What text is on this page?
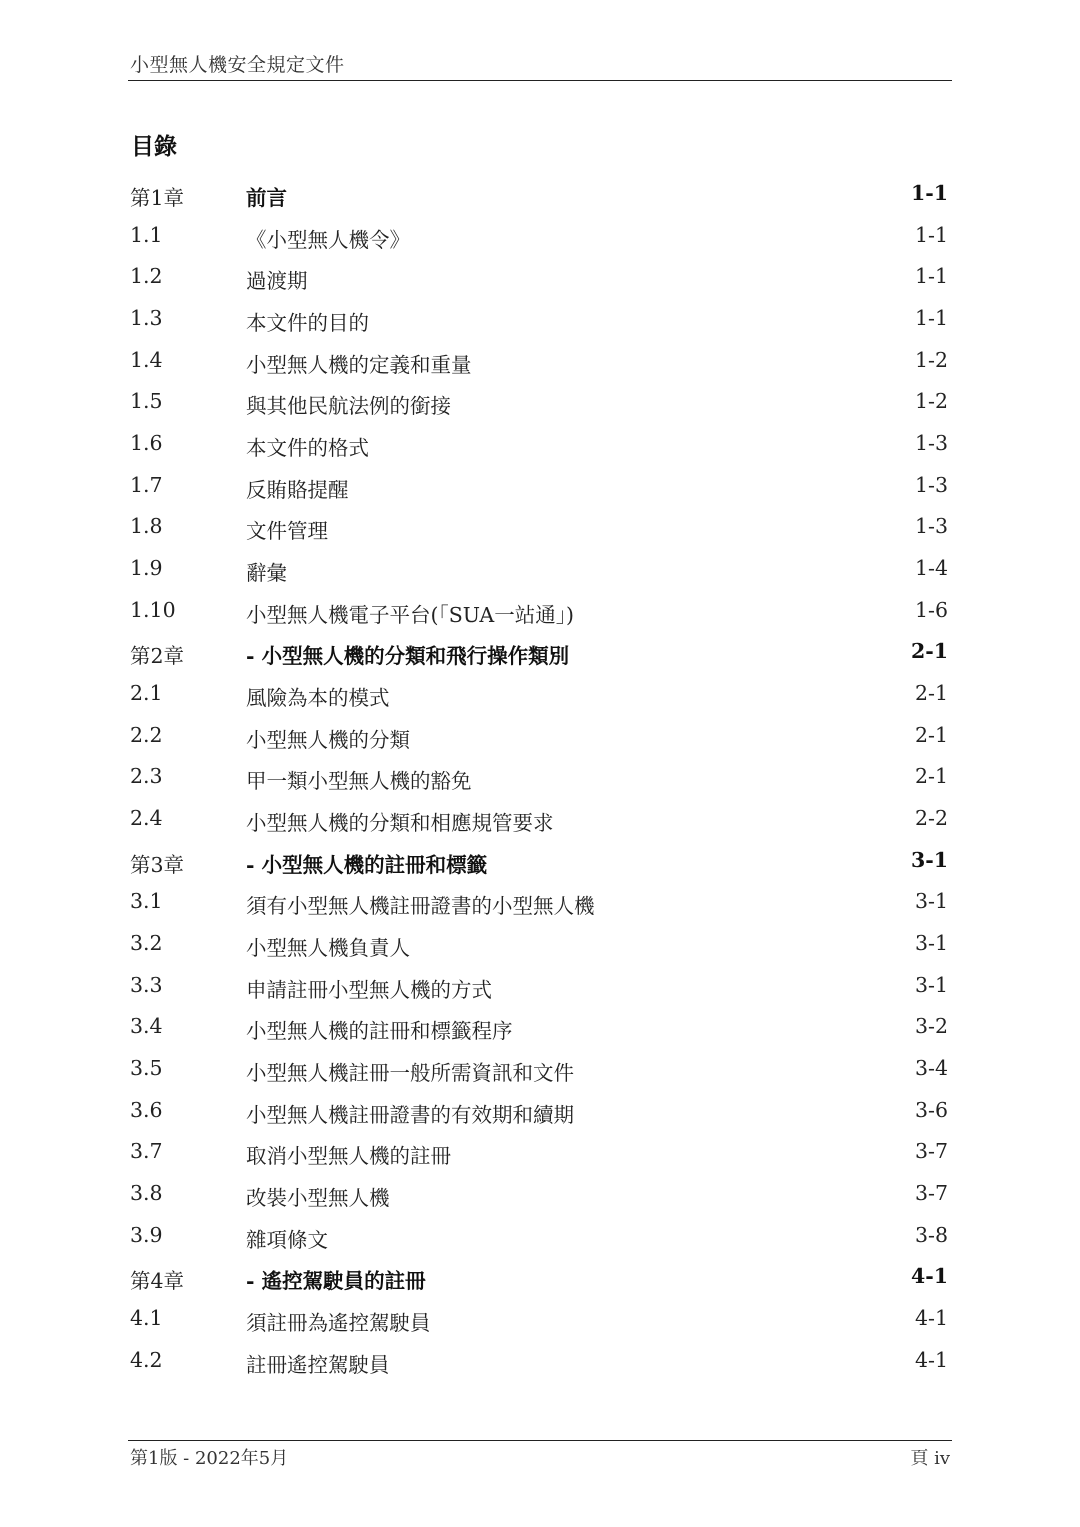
小型無人機安全規定文件
目錄
第1章	前言	1-1
1.1	《小型無人機令》	1-1
1.2	過渡期	1-1
1.3	本文件的目的	1-1
1.4	小型無人機的定義和重量	1-2
1.5	與其他民航法例的銜接	1-2
1.6	本文件的格式	1-3
1.7	反賄賂提醒	1-3
1.8	文件管理	1-3
1.9	辭彙	1-4
1.10	小型無人機電子平台(「SUA一站通」)	1-6
第2章	- 小型無人機的分類和飛行操作類別	2-1
2.1	風險為本的模式	2-1
2.2	小型無人機的分類	2-1
2.3	甲一類小型無人機的豁免	2-1
2.4	小型無人機的分類和相應規管要求	2-2
第3章	- 小型無人機的註冊和標籤	3-1
3.1	須有小型無人機註冊證書的小型無人機	3-1
3.2	小型無人機負責人	3-1
3.3	申請註冊小型無人機的方式	3-1
3.4	小型無人機的註冊和標籤程序	3-2
3.5	小型無人機註冊一般所需資訊和文件	3-4
3.6	小型無人機註冊證書的有效期和續期	3-6
3.7	取消小型無人機的註冊	3-7
3.8	改裝小型無人機	3-7
3.9	雜項條文	3-8
第4章	- 遙控駕駛員的註冊	4-1
4.1	須註冊為遙控駕駛員	4-1
4.2	註冊遙控駕駛員	4-1
第1版 - 2022年5月	頁 iv
